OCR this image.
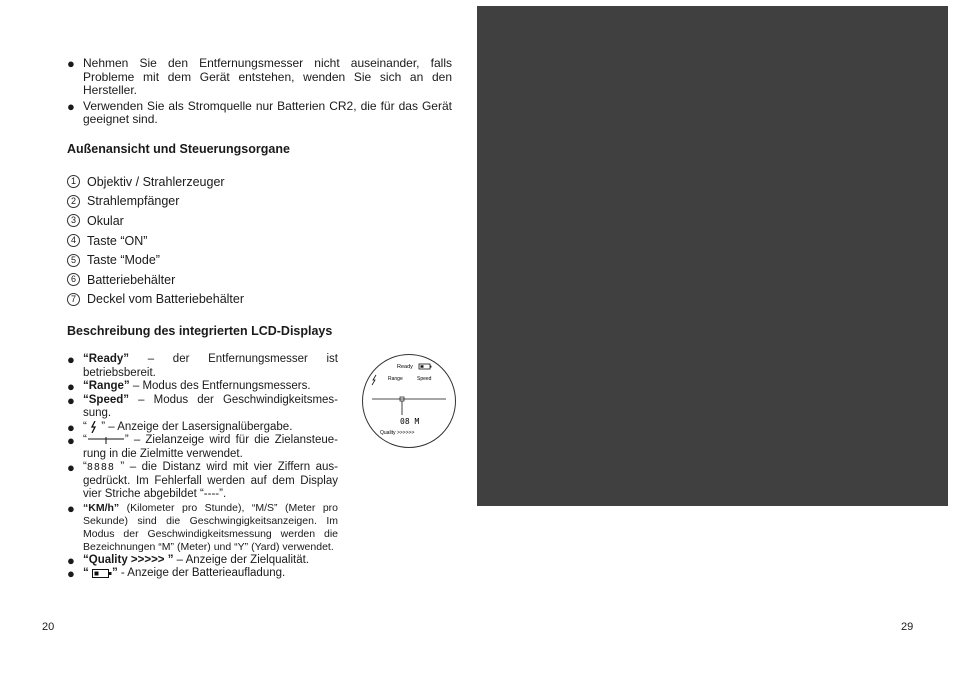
● Nehmen Sie den Entfernungsmesser nicht auseinander, falls Probleme mit dem Gerät entstehen, wenden Sie sich an den Hersteller.
● Verwenden Sie als Stromquelle nur Batterien CR2, die für das Gerät geeignet sind.
Außenansicht und Steuerungsorgane
1 Objektiv / Strahlerzeuger
2 Strahlempfänger
3 Okular
4 Taste “ON”
5 Taste “Mode”
6 Batteriebehälter
7 Deckel vom Batteriebehälter
Beschreibung des integrierten LCD-Displays
● “Ready” – der Entfernungsmesser ist betriebsbereit.
● “Range” – Modus des Entfernungsmessers.
● “Speed” – Modus der Geschwindigkeitsmes-sung.
● “  ” – Anzeige der Lasersignalübergabe.
● “	” – Zielanzeige wird für die Zielansteue-rung in die Zielmitte verwendet.
● “8888 ” – die Distanz wird mit vier Ziffern aus-gedrückt. Im Fehlerfall werden auf dem Display vier Striche abgebildet “----”.
● “KM/h” (Kilometer pro Stunde), “M/S” (Meter pro Sekunde) sind die Geschwingigkeitsanzeigen. Im Modus der Geschwindigkeitsmessung werden die Bezeichnungen “M” (Meter) und “Y” (Yard) verwendet.
● “Quality >>>>> ” – Anzeige der Zielqualität.
● “ ” - Anzeige der Batterieaufladung.
Ready
Range	Speed
08 M
Quality >>>>>>
20	29
